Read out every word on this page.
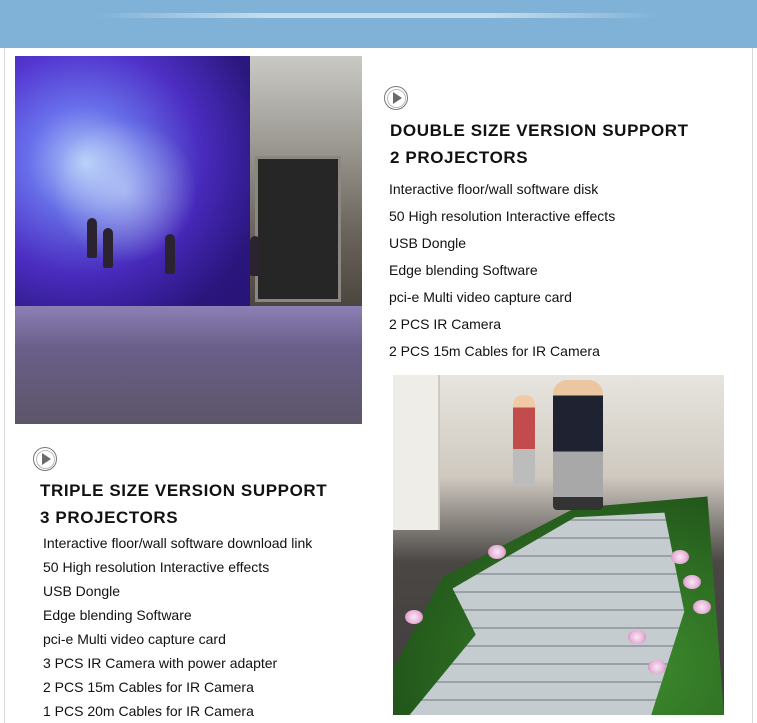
DOUBLE SIZE VERSION SUPPORT
2 PROJECTORS
Interactive floor/wall software disk
50 High resolution Interactive effects
USB Dongle
Edge blending Software
pci-e Multi video capture card
2 PCS IR Camera
2 PCS 15m Cables for IR Camera
TRIPLE SIZE VERSION SUPPORT
3 PROJECTORS
Interactive floor/wall software download link
50 High resolution Interactive effects
USB Dongle
Edge blending Software
pci-e Multi video capture card
3 PCS IR Camera with power adapter
2 PCS 15m Cables for IR Camera
1 PCS 20m Cables for IR Camera
